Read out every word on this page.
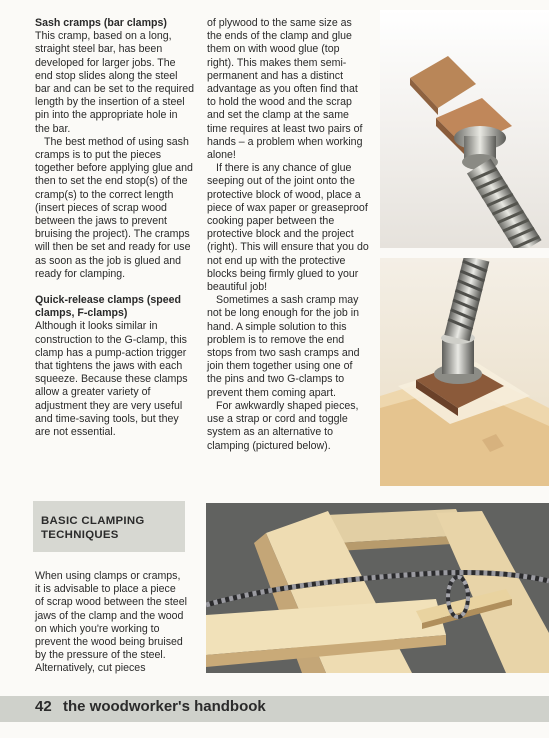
Sash cramps (bar clamps)

This cramp, based on a long, straight steel bar, has been developed for larger jobs. The end stop slides along the steel bar and can be set to the required length by the insertion of a steel pin into the appropriate hole in the bar.

The best method of using sash cramps is to put the pieces together before applying glue and then to set the end stop(s) of the cramp(s) to the correct length (insert pieces of scrap wood between the jaws to prevent bruising the project). The cramps will then be set and ready for use as soon as the job is glued and ready for clamping.

Quick-release clamps (speed clamps, F-clamps)

Although it looks similar in construction to the G-clamp, this clamp has a pump-action trigger that tightens the jaws with each squeeze. Because these clamps allow a greater variety of adjustment they are very useful and time-saving tools, but they are not essential.

of plywood to the same size as the ends of the clamp and glue them on with wood glue (top right). This makes them semi-permanent and has a distinct advantage as you often find that to hold the wood and the scrap and set the clamp at the same time requires at least two pairs of hands – a problem when working alone!

If there is any chance of glue seeping out of the joint onto the protective block of wood, place a piece of wax paper or greaseproof cooking paper between the protective block and the project (right). This will ensure that you do not end up with the protective blocks being firmly glued to your beautiful job!

Sometimes a sash cramp may not be long enough for the job in hand. A simple solution to this problem is to remove the end stops from two sash cramps and join them together using one of the pins and two G-clamps to prevent them coming apart.

For awkwardly shaped pieces, use a strap or cord and toggle system as an alternative to clamping (pictured below).

BASIC CLAMPING TECHNIQUES

When using clamps or cramps, it is advisable to place a piece of scrap wood between the steel jaws of the clamp and the wood on which you're working to prevent the wood being bruised by the pressure of the steel. Alternatively, cut pieces

42 the woodworker's handbook
